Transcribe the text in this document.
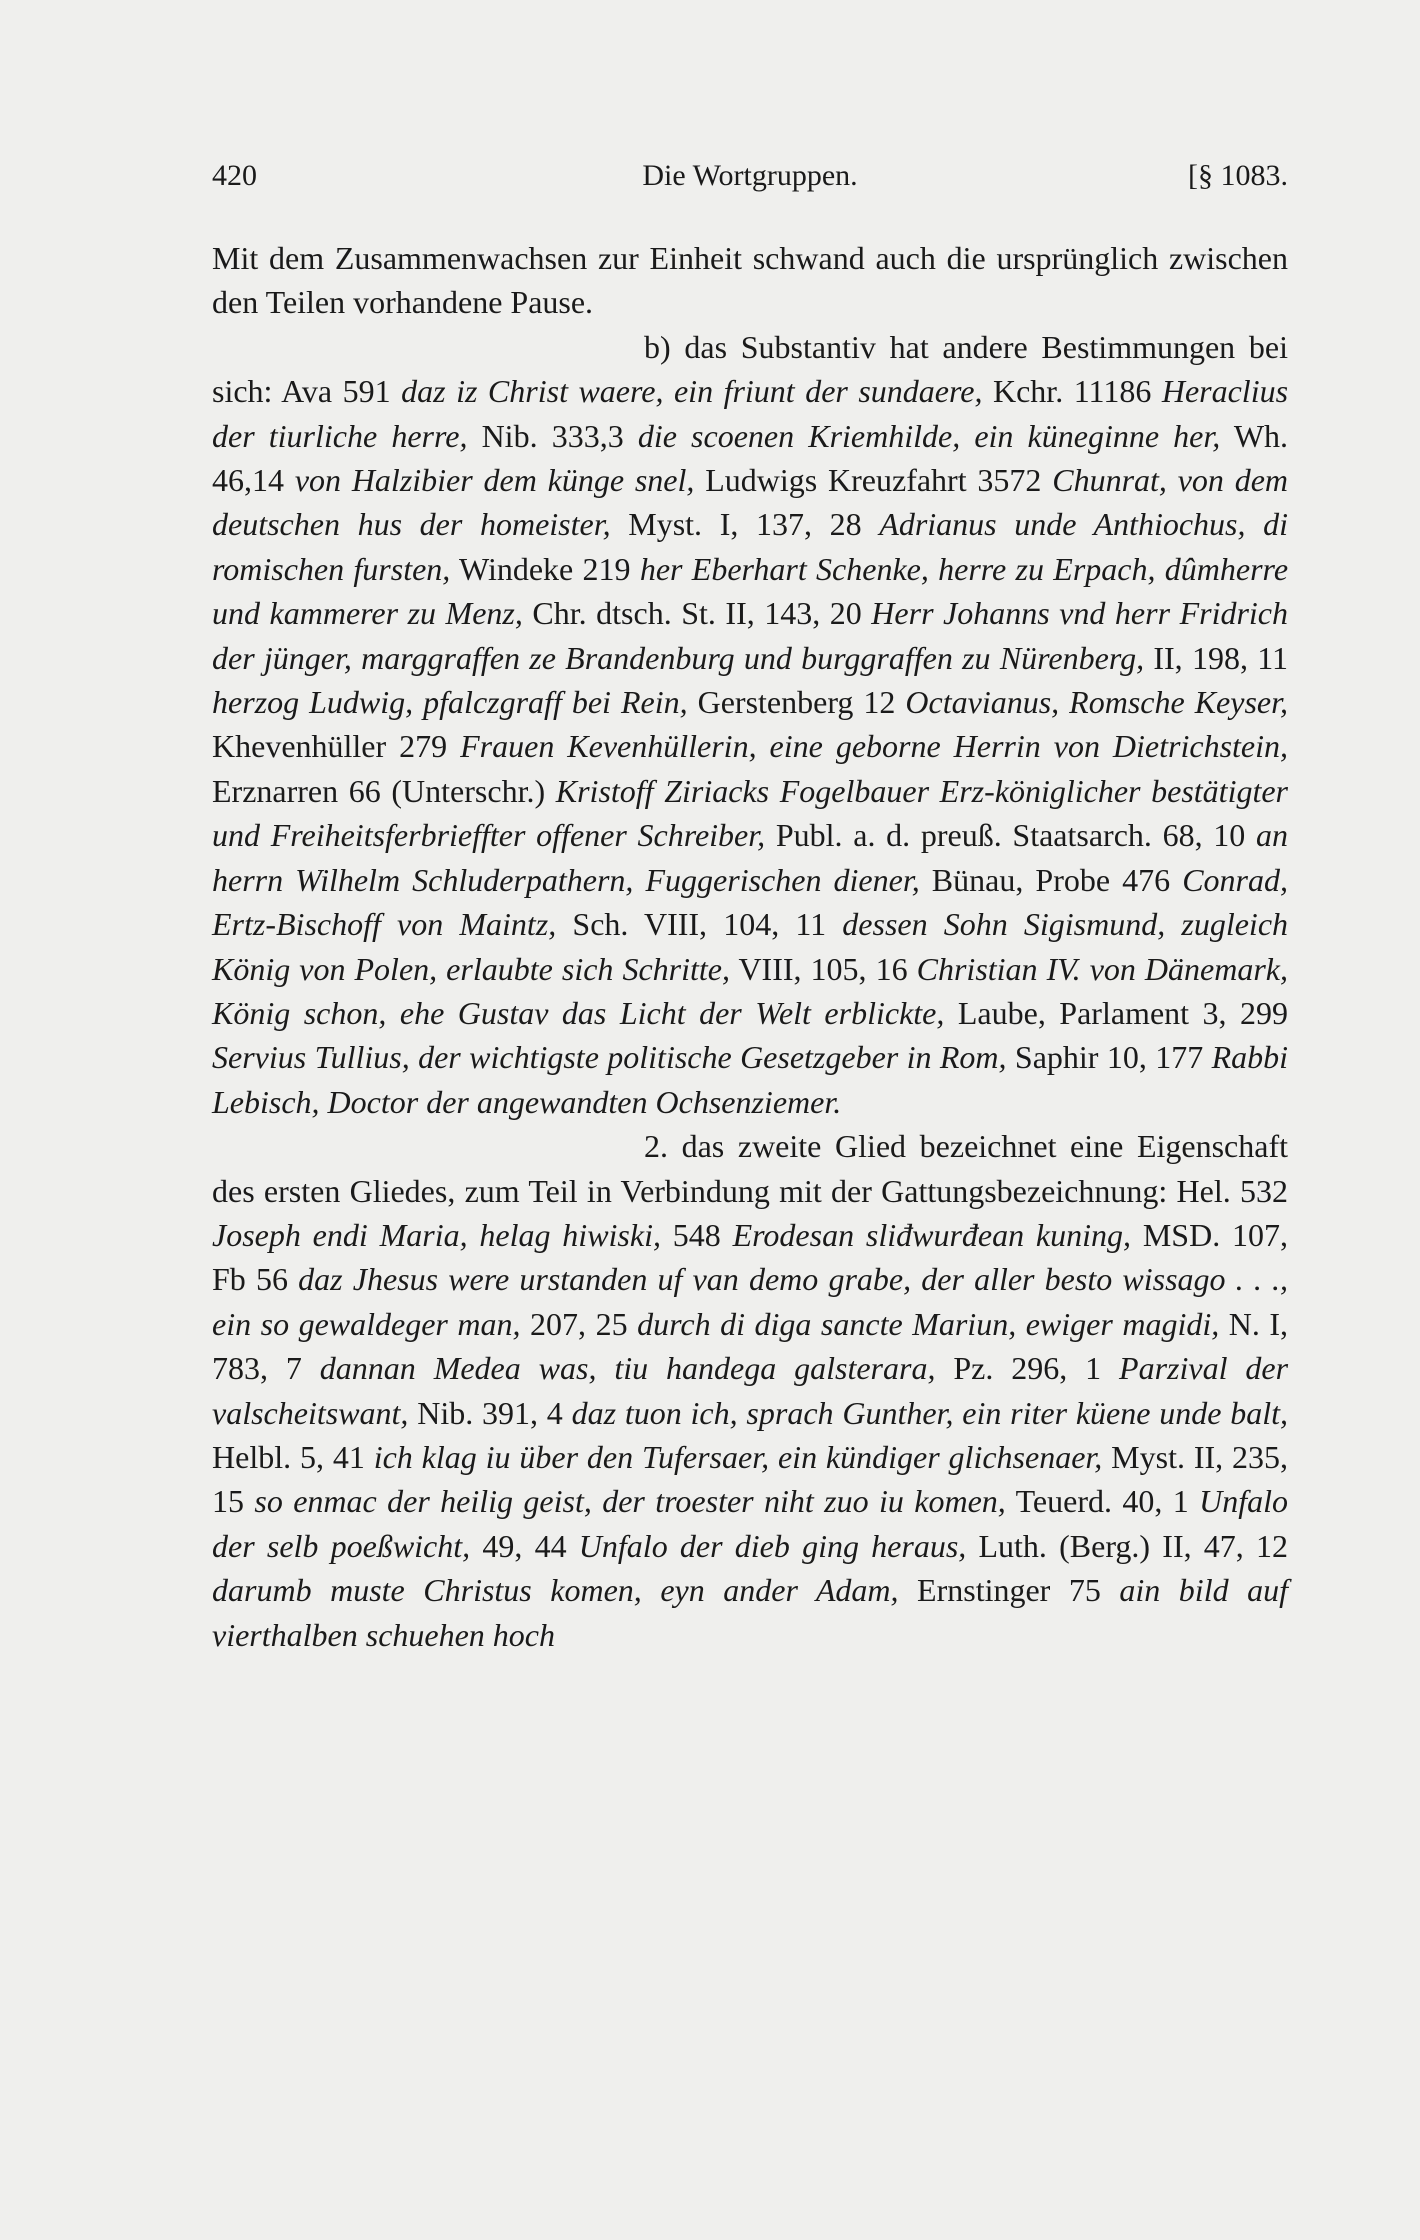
420	Die Wortgruppen.	[§ 1083.

Mit dem Zusammenwachsen zur Einheit schwand auch die ursprünglich zwischen den Teilen vorhandene Pause.

b) das Substantiv hat andere Bestimmungen bei sich: Ava 591 daz iz Christ waere, ein friunt der sundaere, Kchr. 11186 Heraclius der tiurliche herre, Nib. 333,3 die scoenen Kriemhilde, ein küneginne her, Wh. 46,14 von Halzibier dem künge snel, Ludwigs Kreuzfahrt 3572 Chunrat, von dem deutschen hus der homeister, Myst. I, 137, 28 Adrianus unde Anthiochus, di romischen fursten, Windeke 219 her Eberhart Schenke, herre zu Erpach, dûmherre und kammerer zu Menz, Chr. dtsch. St. II, 143, 20 Herr Johanns vnd herr Fridrich der jünger, marggraffen ze Brandenburg und burggraffen zu Nürenberg, II, 198, 11 herzog Ludwig, pfalczgraff bei Rein, Gerstenberg 12 Octavianus, Romsche Keyser, Khevenhüller 279 Frauen Kevenhüllerin, eine geborne Herrin von Dietrichstein, Erznarren 66 (Unterschr.) Kristoff Ziriacks Fogelbauer Erz-königlicher bestätigter und Freiheitsferbrieffter offener Schreiber, Publ. a. d. preuß. Staatsarch. 68, 10 an herrn Wilhelm Schluderpathern, Fuggerischen diener, Bünau, Probe 476 Conrad, Ertz-Bischoff von Maintz, Sch. VIII, 104, 11 dessen Sohn Sigismund, zugleich König von Polen, erlaubte sich Schritte, VIII, 105, 16 Christian IV. von Dänemark, König schon, ehe Gustav das Licht der Welt erblickte, Laube, Parlament 3, 299 Servius Tullius, der wichtigste politische Gesetzgeber in Rom, Saphir 10, 177 Rabbi Lebisch, Doctor der angewandten Ochsenziemer.

2. das zweite Glied bezeichnet eine Eigenschaft des ersten Gliedes, zum Teil in Verbindung mit der Gattungsbezeichnung: Hel. 532 Joseph endi Maria, helag hiwiski, 548 Erodesan sliđwurđean kuning, MSD. 107, Fb 56 daz Jhesus were urstanden uf van demo grabe, der aller besto wissago . . ., ein so gewaldeger man, 207, 25 durch di diga sancte Mariun, ewiger magidi, N. I, 783, 7 dannan Medea was, tiu handega galsterara, Pz. 296, 1 Parzival der valscheitswant, Nib. 391, 4 daz tuon ich, sprach Gunther, ein riter küene unde balt, Helbl. 5, 41 ich klag iu über den Tufersaer, ein kündiger glichsenaer, Myst. II, 235, 15 so enmac der heilig geist, der troester niht zuo iu komen, Teuerd. 40, 1 Unfalo der selb poeßwicht, 49, 44 Unfalo der dieb ging heraus, Luth. (Berg.) II, 47, 12 darumb muste Christus komen, eyn ander Adam, Ernstinger 75 ain bild auf vierthalben schuehen hoch
